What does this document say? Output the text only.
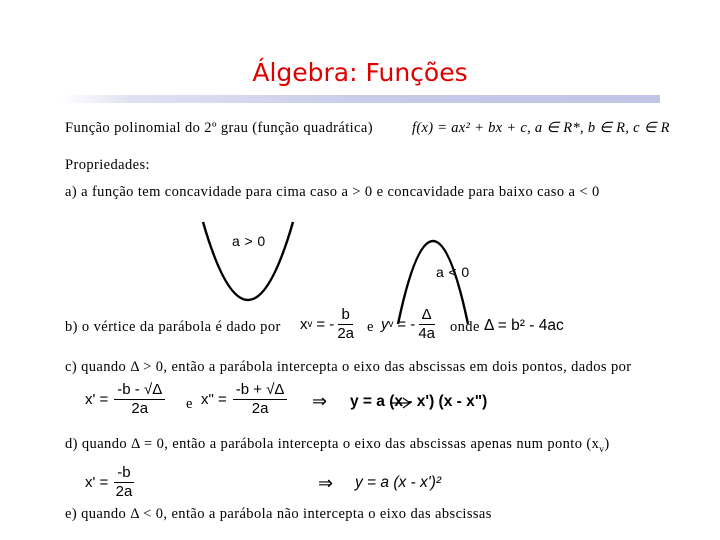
Álgebra: Funções
Função polinomial do 2º grau (função quadrática)	f(x) = ax² + bx + c, a ∈ R*, b ∈ R, c ∈ R
Propriedades:
a) a função tem concavidade para cima caso a > 0 e concavidade para baixo caso a < 0
a > 0
a < 0
b) o vértice da parábola é dado por x v = - $\frac{b}{2a}$ e y v = - $\frac{\Delta}{4a}$ onde Δ = b² - 4ac
c) quando Δ > 0, então a parábola intercepta o eixo das abscissas em dois pontos, dados por
$x' = \frac{-b - √\Delta}{2a}$ e x" = $\frac{-b + √\Delta}{2a}$ ⇒ y = a (x - x') (x - x")
d) quando Δ = 0, então a parábola intercepta o eixo das abscissas apenas num ponto $(x_v)$
$x' = \frac{-b}{2a}$	⇒ y = a (x - x')²
e) quando Δ < 0, então a parábola não intercepta o eixo das abscissas
